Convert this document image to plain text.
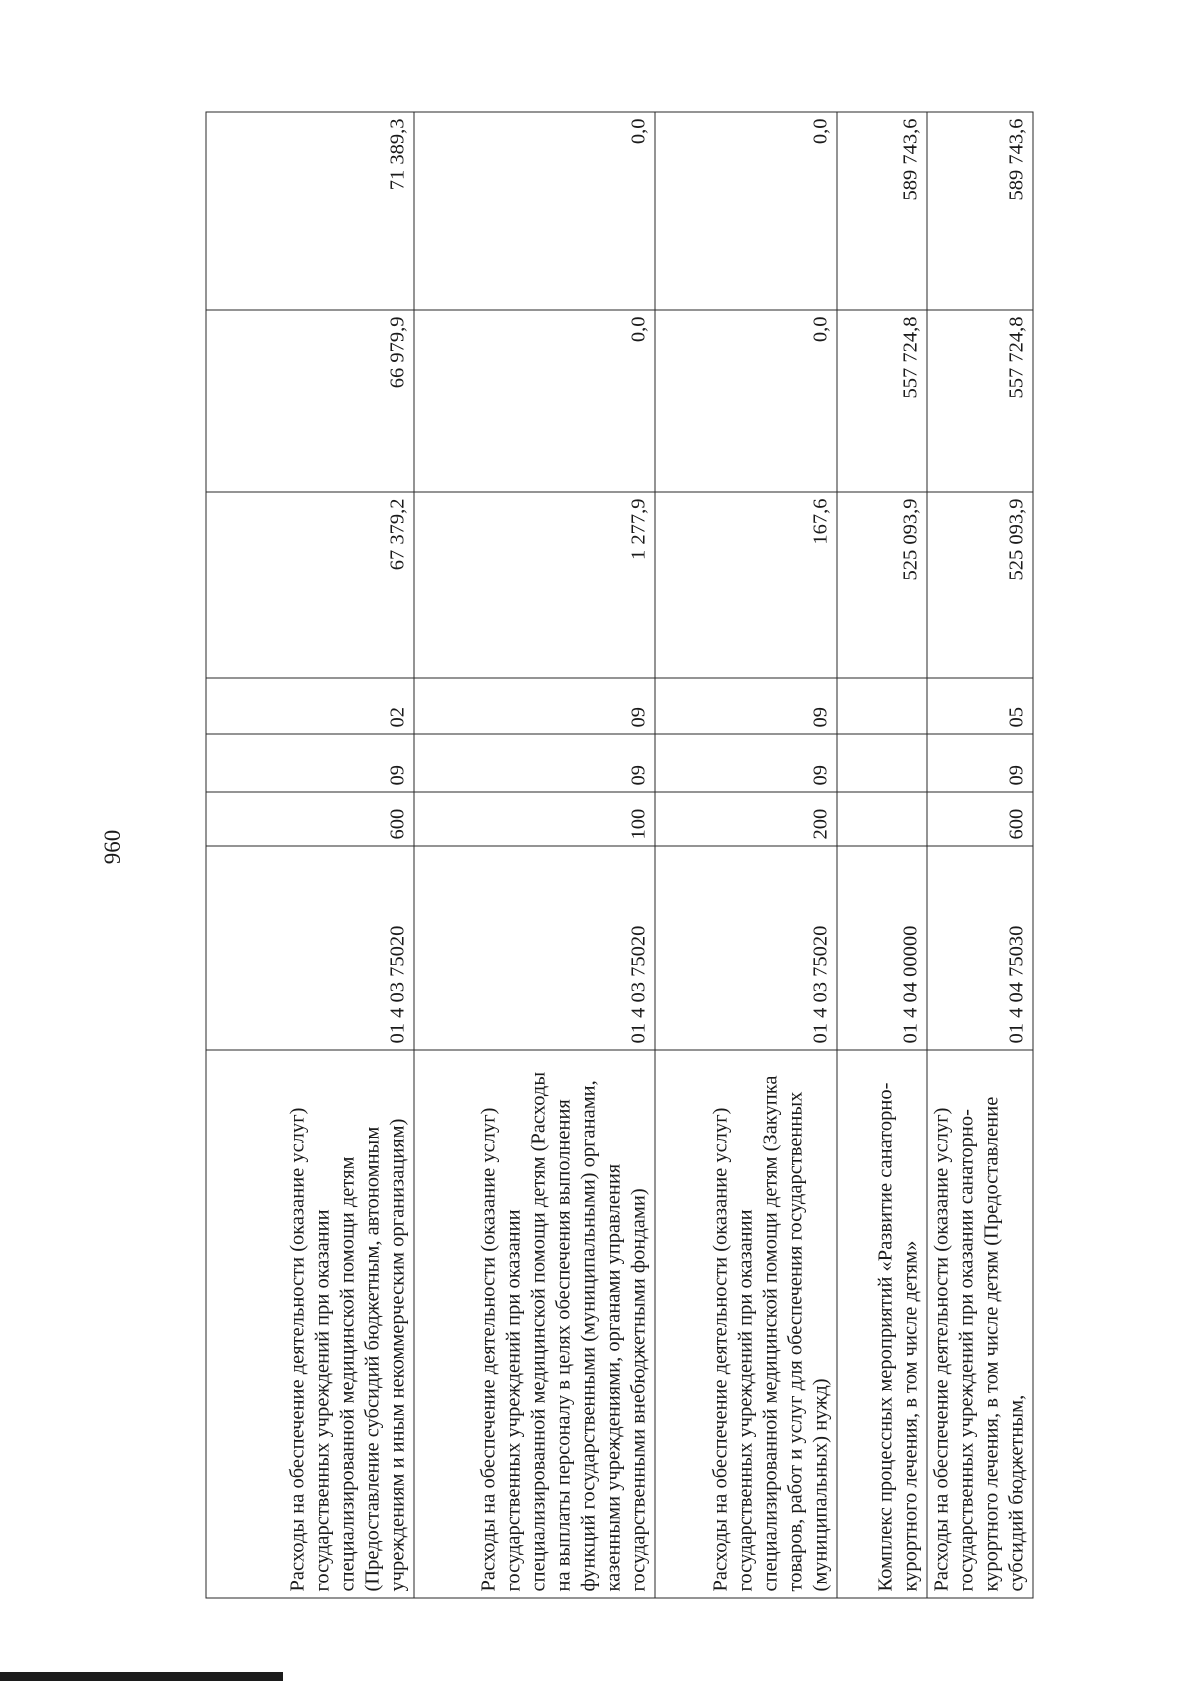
960
Расходы на обеспечение деятельности (оказание услуг) государственных учреждений при оказании специализированной медицинской помощи детям (Предоставление субсидий бюджетным, автономным учреждениям и иным некоммерческим организациям)	01 4 03 75020	600	09	02	67 379,2	66 979,9	71 389,3
Расходы на обеспечение деятельности (оказание услуг) государственных учреждений при оказании специализированной медицинской помощи детям (Расходы на выплаты персоналу в целях обеспечения выполнения функций государственными (муниципальными) органами, казенными учреждениями, органами управления государственными внебюджетными фондами)	01 4 03 75020	100	09	09	1 277,9	0,0	0,0
Расходы на обеспечение деятельности (оказание услуг) государственных учреждений при оказании специализированной медицинской помощи детям (Закупка товаров, работ и услуг для обеспечения государственных (муниципальных) нужд)	01 4 03 75020	200	09	09	167,6	0,0	0,0
Комплекс процессных мероприятий «Развитие санаторно-курортного лечения, в том числе детям»	01 4 04 00000				525 093,9	557 724,8	589 743,6
Расходы на обеспечение деятельности (оказание услуг) государственных учреждений при оказании санаторно-курортного лечения, в том числе детям (Предоставление субсидий бюджетным,	01 4 04 75030	600	09	05	525 093,9	557 724,8	589 743,6
